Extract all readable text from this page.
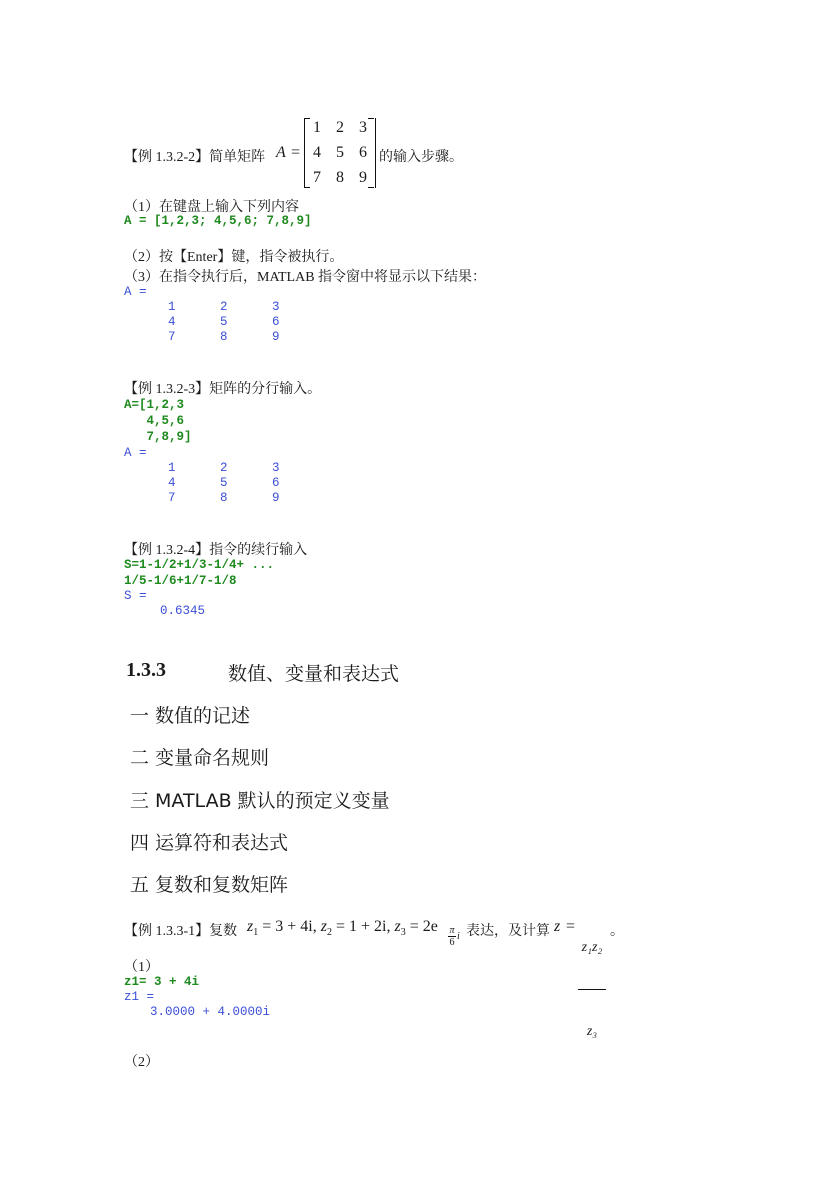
【例 1.3.2-2】简单矩阵 A =
1 2 3
4 5 6
7 8 9
的输入步骤。
（1）在键盘上输入下列内容
A = [1,2,3; 4,5,6; 7,8,9]
（2）按【Enter】键，指令被执行。
（3）在指令执行后，MATLAB 指令窗中将显示以下结果：
A =
1	2	3
4	5	6
7	8	9
【例 1.3.2-3】矩阵的分行输入。
A=[1,2,3
4,5,6
7,8,9]
A =
1	2	3
4	5	6
7	8	9
【例 1.3.2-4】指令的续行输入
S=1-1/2+1/3-1/4+ ...
1/5-1/6+1/7-1/8
S =
0.6345
1.3.3	数值、变量和表达式
一 数值的记述
二 变量命名规则
三 MATLAB 默认的预定义变量
四 运算符和表达式
五 复数和复数矩阵
【例 1.3.3-1】复数 $z_1 = 3 + 4i$, $z_2 = 1 + 2i$, $z_3 = 2e$

π
6
i

表达，及计算 z =

z₁z₂

z₃

。
（1）
z1= 3 + 4i
z1 =
3.0000 + 4.0000i
（2）
